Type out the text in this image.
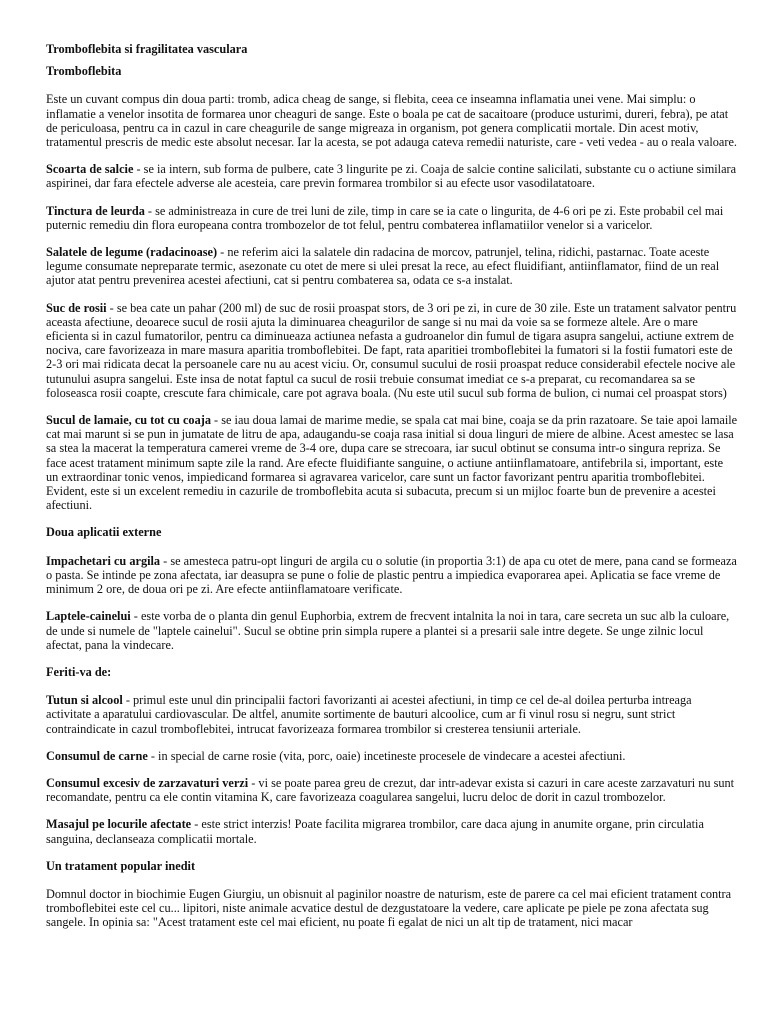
Tromboflebita si fragilitatea vasculara
Tromboflebita

Este un cuvant compus din doua parti: tromb, adica cheag de sange, si flebita, ceea ce inseamna inflamatia unei vene. Mai simplu: o inflamatie a venelor insotita de formarea unor cheaguri de sange. Este o boala pe cat de sacaitoare (produce usturimi, dureri, febra), pe atat de periculoasa, pentru ca in cazul in care cheagurile de sange migreaza in organism, pot genera complicatii mortale. Din acest motiv, tratamentul prescris de medic este absolut necesar. Iar la acesta, se pot adauga cateva remedii naturiste, care - veti vedea - au o reala valoare.

Scoarta de salcie - se ia intern, sub forma de pulbere, cate 3 lingurite pe zi. Coaja de salcie contine salicilati, substante cu o actiune similara aspirinei, dar fara efectele adverse ale acesteia, care previn formarea trombilor si au efecte usor vasodilatatoare.

Tinctura de leurda - se administreaza in cure de trei luni de zile, timp in care se ia cate o lingurita, de 4-6 ori pe zi. Este probabil cel mai puternic remediu din flora europeana contra trombozelor de tot felul, pentru combaterea inflamatiilor venelor si a varicelor.

Salatele de legume (radacinoase) - ne referim aici la salatele din radacina de morcov, patrunjel, telina, ridichi, pastarnac. Toate aceste legume consumate nepreparate termic, asezonate cu otet de mere si ulei presat la rece, au efect fluidifiant, antiinflamator, fiind de un real ajutor atat pentru prevenirea acestei afectiuni, cat si pentru combaterea sa, odata ce s-a instalat.

Suc de rosii - se bea cate un pahar (200 ml) de suc de rosii proaspat stors, de 3 ori pe zi, in cure de 30 zile. Este un tratament salvator pentru aceasta afectiune, deoarece sucul de rosii ajuta la diminuarea cheagurilor de sange si nu mai da voie sa se formeze altele. Are o mare eficienta si in cazul fumatorilor, pentru ca diminueaza actiunea nefasta a gudroanelor din fumul de tigara asupra sangelui, actiune extrem de nociva, care favorizeaza in mare masura aparitia tromboflebitei. De fapt, rata aparitiei tromboflebitei la fumatori si la fostii fumatori este de 2-3 ori mai ridicata decat la persoanele care nu au acest viciu. Or, consumul sucului de rosii proaspat reduce considerabil efectele nocive ale tutunului asupra sangelui. Este insa de notat faptul ca sucul de rosii trebuie consumat imediat ce s-a preparat, cu recomandarea sa se foloseasca rosii coapte, crescute fara chimicale, care pot agrava boala. (Nu este util sucul sub forma de bulion, ci numai cel proaspat stors)

Sucul de lamaie, cu tot cu coaja - se iau doua lamai de marime medie, se spala cat mai bine, coaja se da prin razatoare. Se taie apoi lamaile cat mai marunt si se pun in jumatate de litru de apa, adaugandu-se coaja rasa initial si doua linguri de miere de albine. Acest amestec se lasa sa stea la macerat la temperatura camerei vreme de 3-4 ore, dupa care se strecoara, iar sucul obtinut se consuma intr-o singura repriza. Se face acest tratament minimum sapte zile la rand. Are efecte fluidifiante sanguine, o actiune antiinflamatoare, antifebrila si, important, este un extraordinar tonic venos, impiedicand formarea si agravarea varicelor, care sunt un factor favorizant pentru aparitia tromboflebitei. Evident, este si un excelent remediu in cazurile de tromboflebita acuta si subacuta, precum si un mijloc foarte bun de prevenire a acestei afectiuni.

Doua aplicatii externe

Impachetari cu argila - se amesteca patru-opt linguri de argila cu o solutie (in proportia 3:1) de apa cu otet de mere, pana cand se formeaza o pasta. Se intinde pe zona afectata, iar deasupra se pune o folie de plastic pentru a impiedica evaporarea apei. Aplicatia se face vreme de minimum 2 ore, de doua ori pe zi. Are efecte antiinflamatoare verificate.

Laptele-cainelui - este vorba de o planta din genul Euphorbia, extrem de frecvent intalnita la noi in tara, care secreta un suc alb la culoare, de unde si numele de "laptele cainelui". Sucul se obtine prin simpla rupere a plantei si a presarii sale intre degete. Se unge zilnic locul afectat, pana la vindecare.

Feriti-va de:

Tutun si alcool - primul este unul din principalii factori favorizanti ai acestei afectiuni, in timp ce cel de-al doilea perturba intreaga activitate a aparatului cardiovascular. De altfel, anumite sortimente de bauturi alcoolice, cum ar fi vinul rosu si negru, sunt strict contraindicate in cazul tromboflebitei, intrucat favorizeaza formarea trombilor si cresterea tensiunii arteriale.

Consumul de carne - in special de carne rosie (vita, porc, oaie) incetineste procesele de vindecare a acestei afectiuni.

Consumul excesiv de zarzavaturi verzi - vi se poate parea greu de crezut, dar intr-adevar exista si cazuri in care aceste zarzavaturi nu sunt recomandate, pentru ca ele contin vitamina K, care favorizeaza coagularea sangelui, lucru deloc de dorit in cazul trombozelor.

Masajul pe locurile afectate - este strict interzis! Poate facilita migrarea trombilor, care daca ajung in anumite organe, prin circulatia sanguina, declanseaza complicatii mortale.

Un tratament popular inedit

Domnul doctor in biochimie Eugen Giurgiu, un obisnuit al paginilor noastre de naturism, este de parere ca cel mai eficient tratament contra tromboflebitei este cel cu... lipitori, niste animale acvatice destul de dezgustatoare la vedere, care aplicate pe piele pe zona afectata sug sangele. In opinia sa: "Acest tratament este cel mai eficient, nu poate fi egalat de nici un alt tip de tratament, nici macar
